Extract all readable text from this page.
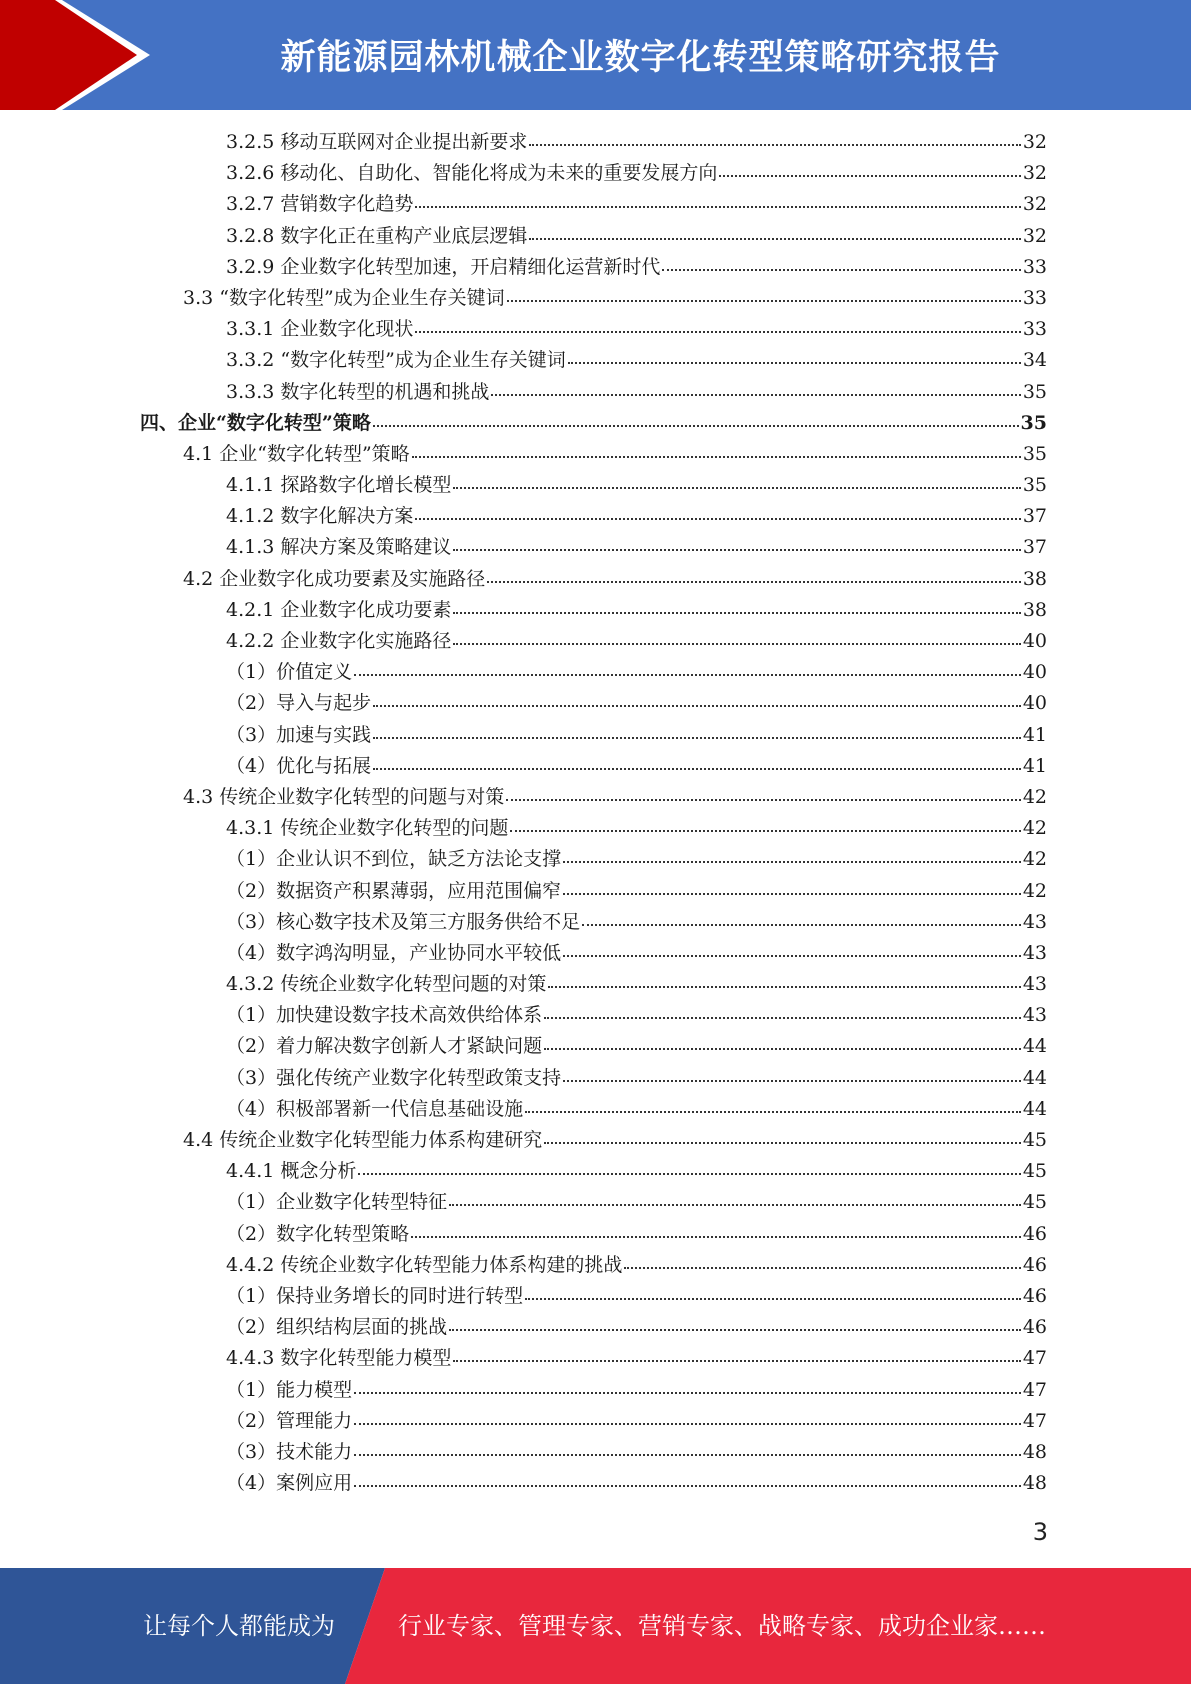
新能源园林机械企业数字化转型策略研究报告
3.2.5 移动互联网对企业提出新要求	32
3.2.6 移动化、自助化、智能化将成为未来的重要发展方向	32
3.2.7 营销数字化趋势	32
3.2.8 数字化正在重构产业底层逻辑	32
3.2.9 企业数字化转型加速，开启精细化运营新时代	33
3.3 “数字化转型”成为企业生存关键词	33
3.3.1 企业数字化现状	33
3.3.2 “数字化转型”成为企业生存关键词	34
3.3.3 数字化转型的机遇和挑战	35
四、企业“数字化转型”策略	35
4.1 企业“数字化转型”策略	35
4.1.1 探路数字化增长模型	35
4.1.2 数字化解决方案	37
4.1.3 解决方案及策略建议	37
4.2 企业数字化成功要素及实施路径	38
4.2.1 企业数字化成功要素	38
4.2.2 企业数字化实施路径	40
（1）价值定义	40
（2）导入与起步	40
（3）加速与实践	41
（4）优化与拓展	41
4.3 传统企业数字化转型的问题与对策	42
4.3.1 传统企业数字化转型的问题	42
（1）企业认识不到位，缺乏方法论支撑	42
（2）数据资产积累薄弱，应用范围偏窄	42
（3）核心数字技术及第三方服务供给不足	43
（4）数字鸿沟明显，产业协同水平较低	43
4.3.2 传统企业数字化转型问题的对策	43
（1）加快建设数字技术高效供给体系	43
（2）着力解决数字创新人才紧缺问题	44
（3）强化传统产业数字化转型政策支持	44
（4）积极部署新一代信息基础设施	44
4.4 传统企业数字化转型能力体系构建研究	45
4.4.1 概念分析	45
（1）企业数字化转型特征	45
（2）数字化转型策略	46
4.4.2 传统企业数字化转型能力体系构建的挑战	46
（1）保持业务增长的同时进行转型	46
（2）组织结构层面的挑战	46
4.4.3 数字化转型能力模型	47
（1）能力模型	47
（2）管理能力	47
（3）技术能力	48
（4）案例应用	48
3
让每个人都能成为	行业专家、管理专家、营销专家、战略专家、成功企业家……
